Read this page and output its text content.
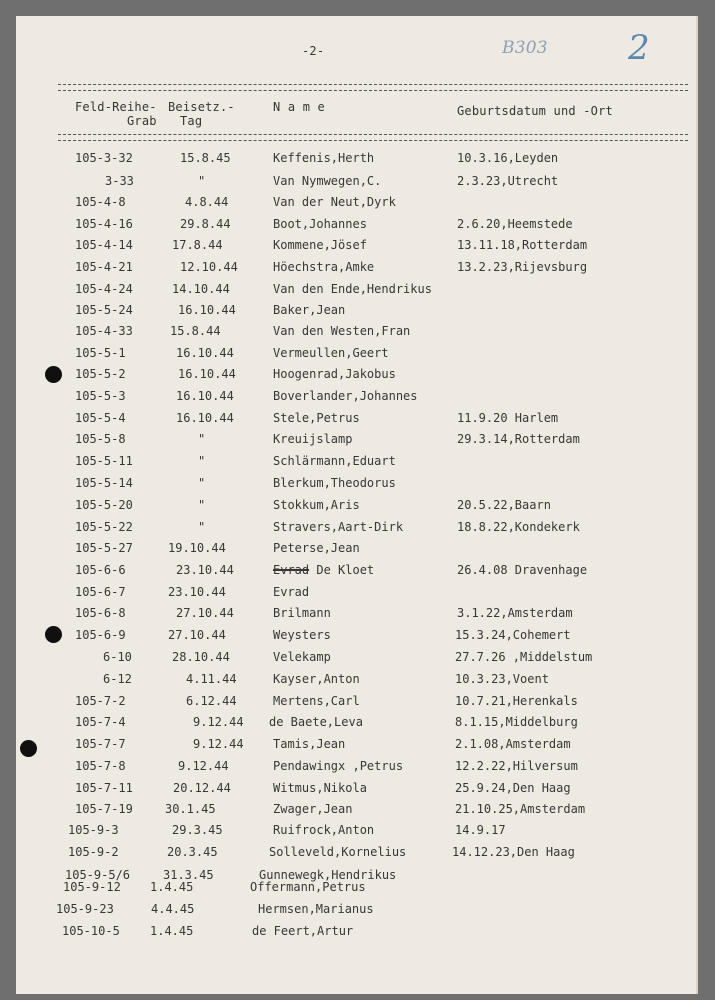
-2-	B303 2
Feld-Reihe-
Grab
Beisetz.-
Tag
N a m e	Geburtsdatum und -Ort
105-3-32	15.8.45	Keffenis,Herth	10.3.16,Leyden
3-33	"	Van Nymwegen,C.	2.3.23,Utrecht
105-4-8	4.8.44	Van der Neut,Dyrk
105-4-16	29.8.44	Boot,Johannes	2.6.20,Heemstede
105-4-14	17.8.44	Kommene,Jösef	13.11.18,Rotterdam
105-4-21	12.10.44	Höechstra,Amke	13.2.23,Rijevsburg
105-4-24	14.10.44	Van den Ende,Hendrikus
105-5-24	16.10.44	Baker,Jean
105-4-33	15.8.44	Van den Westen,Fran
105-5-1	16.10.44	Vermeullen,Geert
105-5-2	16.10.44	Hoogenrad,Jakobus
105-5-3	16.10.44	Boverlander,Johannes
105-5-4	16.10.44	Stele,Petrus	11.9.20 Harlem
105-5-8	"	Kreuijslamp	29.3.14,Rotterdam
105-5-11	"	Schlärmann,Eduart
105-5-14	"	Blerkum,Theodorus
105-5-20	"	Stokkum,Aris	20.5.22,Baarn
105-5-22	"	Stravers,Aart-Dirk	18.8.22,Kondekerk
105-5-27	19.10.44	Peterse,Jean
105-6-6	23.10.44	Evrad De Kloet	26.4.08 Dravenhage
105-6-7	23.10.44	Evrad
105-6-8	27.10.44	Brilmann	3.1.22,Amsterdam
105-6-9	27.10.44	Weysters	15.3.24,Cohemert
6-10	28.10.44	Velekamp	27.7.26 ,Middelstum
6-12	4.11.44	Kayser,Anton	10.3.23,Voent
105-7-2	6.12.44	Mertens,Carl	10.7.21,Herenkals
105-7-4	9.12.44 de Baete,Leva	8.1.15,Middelburg
105-7-7	9.12.44 Tamis,Jean	2.1.08,Amsterdam
105-7-8	9.12.44	Pendawingx ,Petrus	12.2.22,Hilversum
105-7-11	20.12.44	Witmus,Nikola	25.9.24,Den Haag
105-7-19	30.1.45	Zwager,Jean	21.10.25,Amsterdam
105-9-3	29.3.45	Ruifrock,Anton	14.9.17
105-9-2	20.3.45	Solleveld,Kornelius	14.12.23,Den Haag
105-9-5/6	31.3.45	Gunnewegk,Hendrikus
105-9-12 1.4.45	Offermann,Petrus
105-9-23	4.4.45	Hermsen,Marianus
105-10-5	1.4.45	de Feert,Artur
